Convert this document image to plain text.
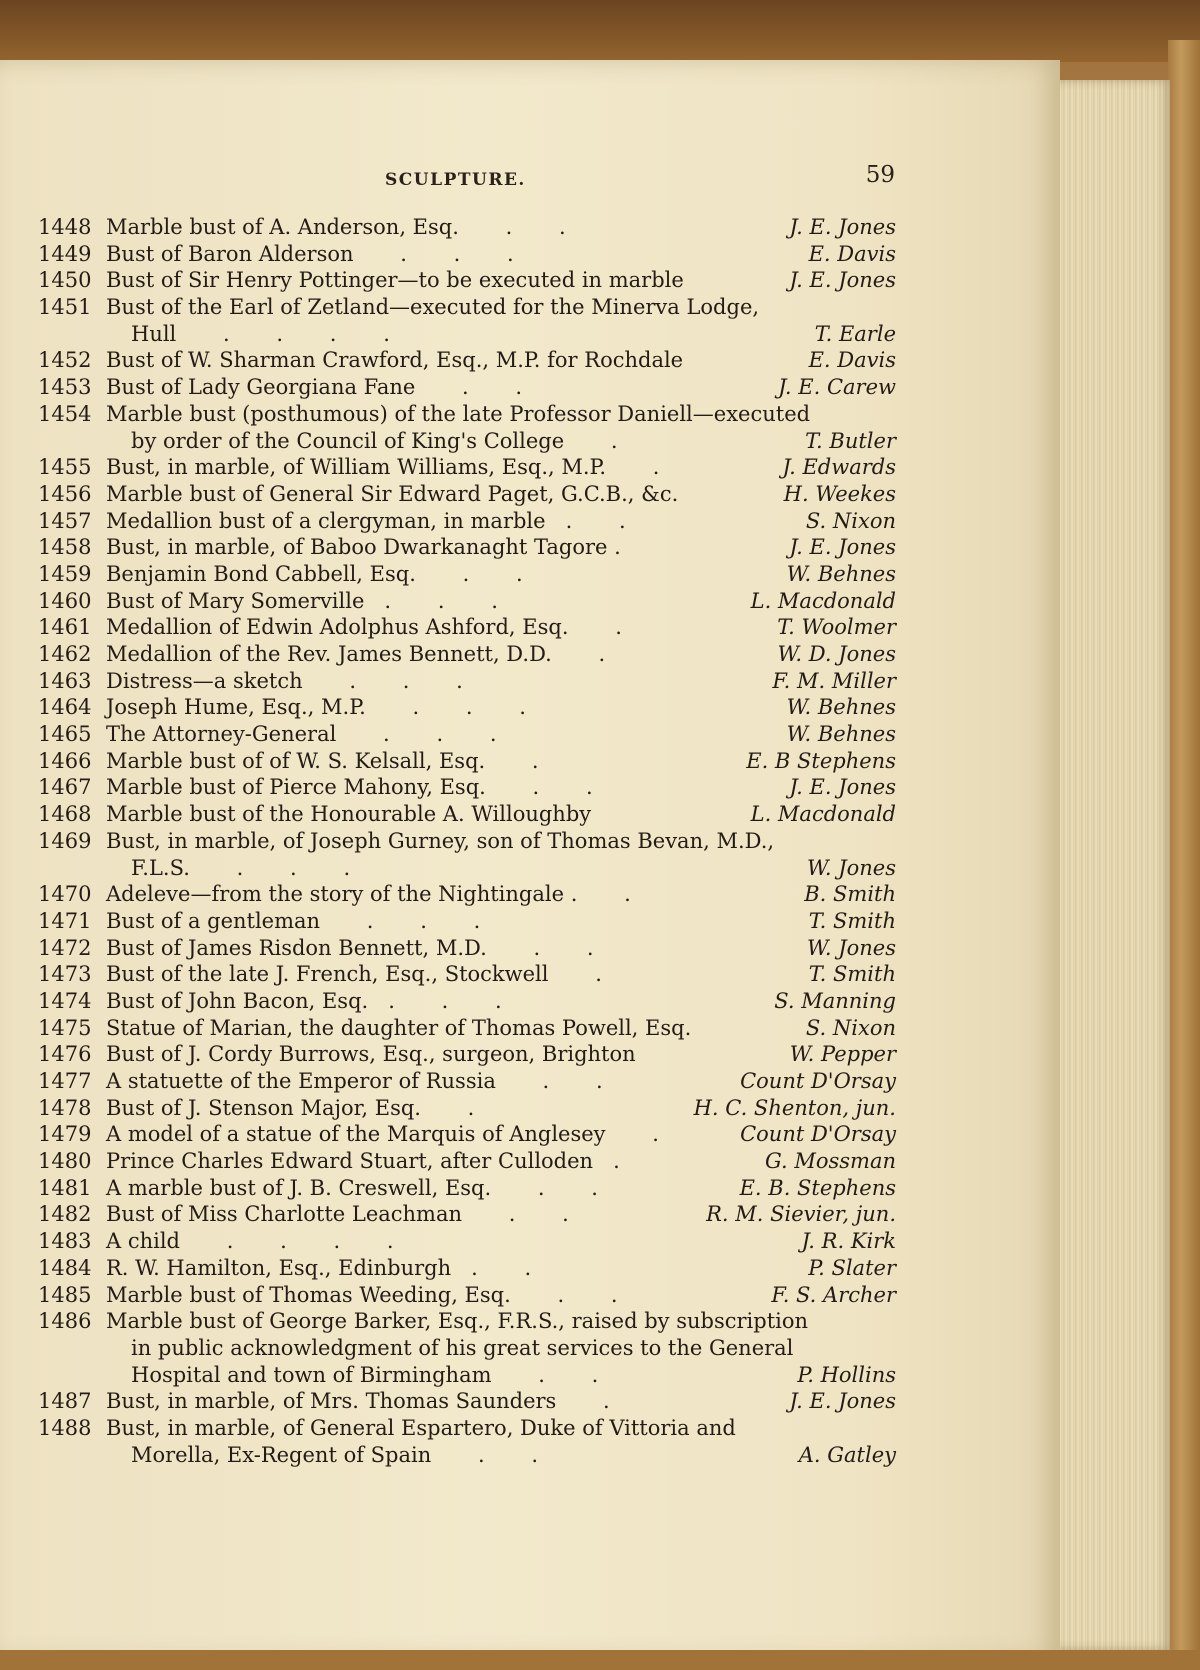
SCULPTURE.	59
1448 Marble bust of A. Anderson, Esq.       .       .	J. E. Jones
1449 Bust of Baron Alderson       .       .       .	E. Davis
1450 Bust of Sir Henry Pottinger—to be executed in marble	J. E. Jones
1451 Bust of the Earl of Zetland—executed for the Minerva Lodge,
Hull       .       .       .       .	T. Earle
1452 Bust of W. Sharman Crawford, Esq., M.P. for Rochdale	E. Davis
1453 Bust of Lady Georgiana Fane       .       .	J. E. Carew
1454 Marble bust (posthumous) of the late Professor Daniell—executed
by order of the Council of King's College       .	T. Butler
1455 Bust, in marble, of William Williams, Esq., M.P.       .	J. Edwards
1456 Marble bust of General Sir Edward Paget, G.C.B., &c.	H. Weekes
1457 Medallion bust of a clergyman, in marble   .       .	S. Nixon
1458 Bust, in marble, of Baboo Dwarkanaght Tagore .	J. E. Jones
1459 Benjamin Bond Cabbell, Esq.       .       .	W. Behnes
1460 Bust of Mary Somerville   .       .       .	L. Macdonald
1461 Medallion of Edwin Adolphus Ashford, Esq.       .	T. Woolmer
1462 Medallion of the Rev. James Bennett, D.D.       .	W. D. Jones
1463 Distress—a sketch       .       .       .	F. M. Miller
1464 Joseph Hume, Esq., M.P.       .       .       .	W. Behnes
1465 The Attorney-General       .       .       .	W. Behnes
1466 Marble bust of of W. S. Kelsall, Esq.       .	E. B Stephens
1467 Marble bust of Pierce Mahony, Esq.       .       .	J. E. Jones
1468 Marble bust of the Honourable A. Willoughby	L. Macdonald
1469 Bust, in marble, of Joseph Gurney, son of Thomas Bevan, M.D.,
F.L.S.       .       .       .	W. Jones
1470 Adeleve—from the story of the Nightingale .       .	B. Smith
1471 Bust of a gentleman       .       .       .	T. Smith
1472 Bust of James Risdon Bennett, M.D.       .       .	W. Jones
1473 Bust of the late J. French, Esq., Stockwell       .	T. Smith
1474 Bust of John Bacon, Esq.   .       .       .	S. Manning
1475 Statue of Marian, the daughter of Thomas Powell, Esq.	S. Nixon
1476 Bust of J. Cordy Burrows, Esq., surgeon, Brighton	W. Pepper
1477 A statuette of the Emperor of Russia       .       .	Count D'Orsay
1478 Bust of J. Stenson Major, Esq.       .	H. C. Shenton, jun.
1479 A model of a statue of the Marquis of Anglesey       .	Count D'Orsay
1480 Prince Charles Edward Stuart, after Culloden   .	G. Mossman
1481 A marble bust of J. B. Creswell, Esq.       .       .	E. B. Stephens
1482 Bust of Miss Charlotte Leachman       .       .	R. M. Sievier, jun.
1483 A child       .       .       .       .	J. R. Kirk
1484 R. W. Hamilton, Esq., Edinburgh   .       .	P. Slater
1485 Marble bust of Thomas Weeding, Esq.       .       .	F. S. Archer
1486 Marble bust of George Barker, Esq., F.R.S., raised by subscription
in public acknowledgment of his great services to the General
Hospital and town of Birmingham       .       .	P. Hollins
1487 Bust, in marble, of Mrs. Thomas Saunders       .	J. E. Jones
1488 Bust, in marble, of General Espartero, Duke of Vittoria and
Morella, Ex-Regent of Spain       .       .	A. Gatley
